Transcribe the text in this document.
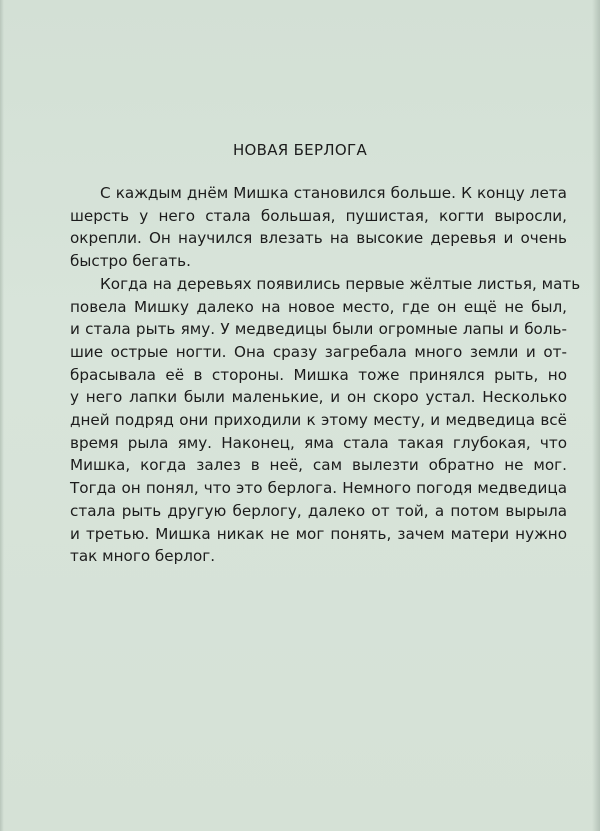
НОВАЯ БЕРЛОГА

С каждым днём Мишка становился больше. К концу лета
шерсть у него стала большая, пушистая, когти выросли,
окрепли. Он научился влезать на высокие деревья и очень
быстро бегать.

Когда на деревьях появились первые жёлтые листья, мать
повела Мишку далеко на новое место, где он ещё не был,
и стала рыть яму. У медведицы были огромные лапы и боль-
шие острые ногти. Она сразу загребала много земли и от-
брасывала её в стороны. Мишка тоже принялся рыть, но
у него лапки были маленькие, и он скоро устал. Несколько
дней подряд они приходили к этому месту, и медведица всё
время рыла яму. Наконец, яма стала такая глубокая, что
Мишка, когда залез в неё, сам вылезти обратно не мог.
Тогда он понял, что это берлога. Немного погодя медведица
стала рыть другую берлогу, далеко от той, а потом вырыла
и третью. Мишка никак не мог понять, зачем матери нужно
так много берлог.
